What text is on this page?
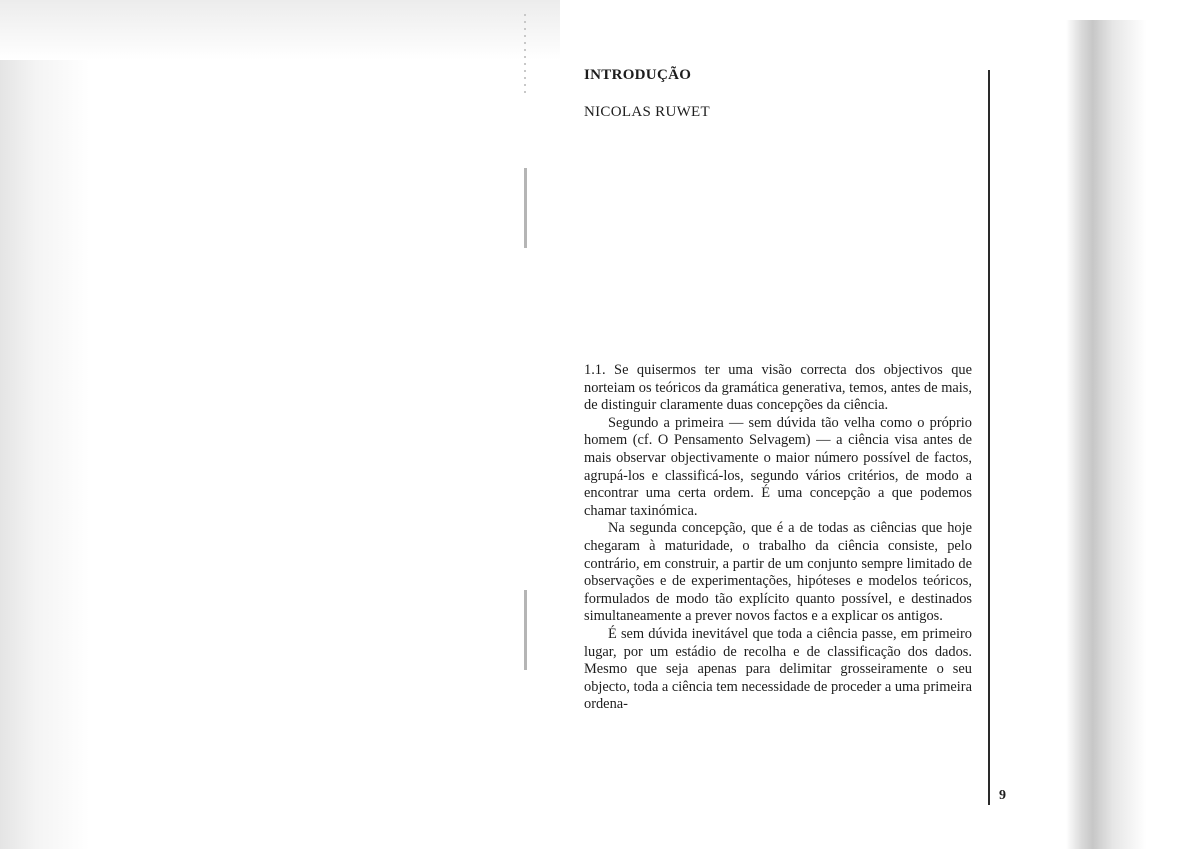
INTRODUÇÃO

NICOLAS RUWET

1.1. Se quisermos ter uma visão correcta dos objectivos que norteiam os teóricos da gramática generativa, temos, antes de mais, de distinguir claramente duas concepções da ciência.

Segundo a primeira — sem dúvida tão velha como o próprio homem (cf. O Pensamento Selvagem) — a ciência visa antes de mais observar objectivamente o maior número possível de factos, agrupá-los e classificá-los, segundo vários critérios, de modo a encontrar uma certa ordem. É uma concepção a que podemos chamar taxinómica.

Na segunda concepção, que é a de todas as ciências que hoje chegaram à maturidade, o trabalho da ciência consiste, pelo contrário, em construir, a partir de um conjunto sempre limitado de observações e de experimentações, hipóteses e modelos teóricos, formulados de modo tão explícito quanto possível, e destinados simultaneamente a prever novos factos e a explicar os antigos.

É sem dúvida inevitável que toda a ciência passe, em primeiro lugar, por um estádio de recolha e de classificação dos dados. Mesmo que seja apenas para delimitar grosseiramente o seu objecto, toda a ciência tem necessidade de proceder a uma primeira ordena-

9
